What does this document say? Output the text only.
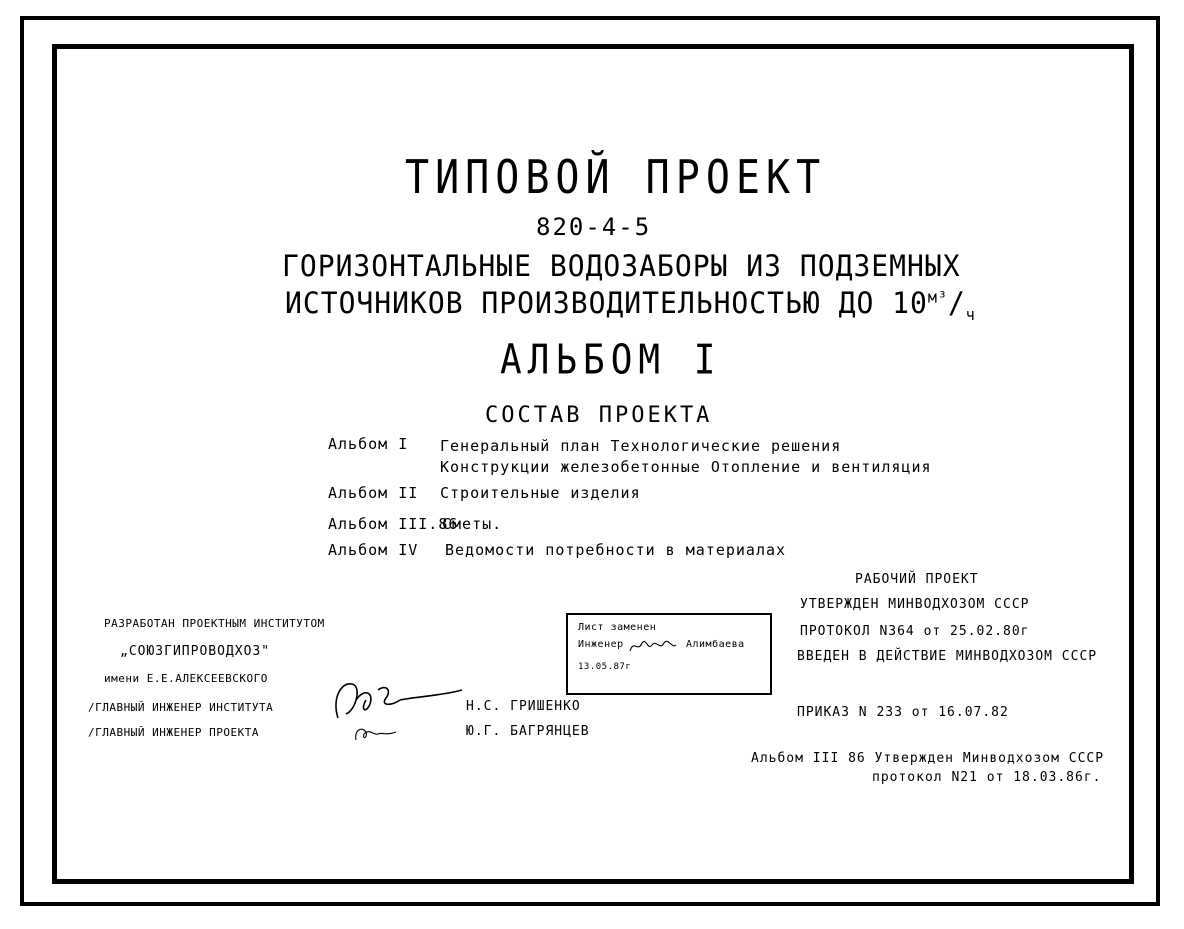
ТИПОВОЙ ПРОЕКТ
820-4-5
ГОРИЗОНТАЛЬНЫЕ ВОДОЗАБОРЫ ИЗ ПОДЗЕМНЫХ
ИСТОЧНИКОВ ПРОИЗВОДИТЕЛЬНОСТЬЮ ДО $10^{м^3}/_ч$
АЛЬБОМ I
СОСТАВ ПРОЕКТА
Альбом I Генеральный план Технологические решения
Конструкции железобетонные Отопление и вентиляция
Альбом II Строительные изделия
Альбом III.86
Сметы.
Альбом IV Ведомости потребности в материалах
РАБОЧИЙ ПРОЕКТ
УТВЕРЖДЕН МИНВОДХОЗОМ СССР
ПРОТОКОЛ N364 от 25.02.80г
ВВЕДЕН В ДЕЙСТВИЕ МИНВОДХОЗОМ СССР
ПРИКАЗ N 233 от 16.07.82
Альбом III 86 Утвержден Минводхозом СССР
протокол N21 от 18.03.86г.
РАЗРАБОТАН ПРОЕКТНЫМ ИНСТИТУТОМ
„СОЮЗГИПРОВОДХОЗ"
имени Е.Е.АЛЕКСЕЕВСКОГО
/ГЛАВНЫЙ ИНЖЕНЕР ИНСТИТУТА
/ГЛАВНЫЙ ИНЖЕНЕР ПРОЕКТА
Н.С. ГРИШЕНКО
Ю.Г. БАГРЯНЦЕВ
Лист заменен
Инженер	Алимбаева
13.05.87г
